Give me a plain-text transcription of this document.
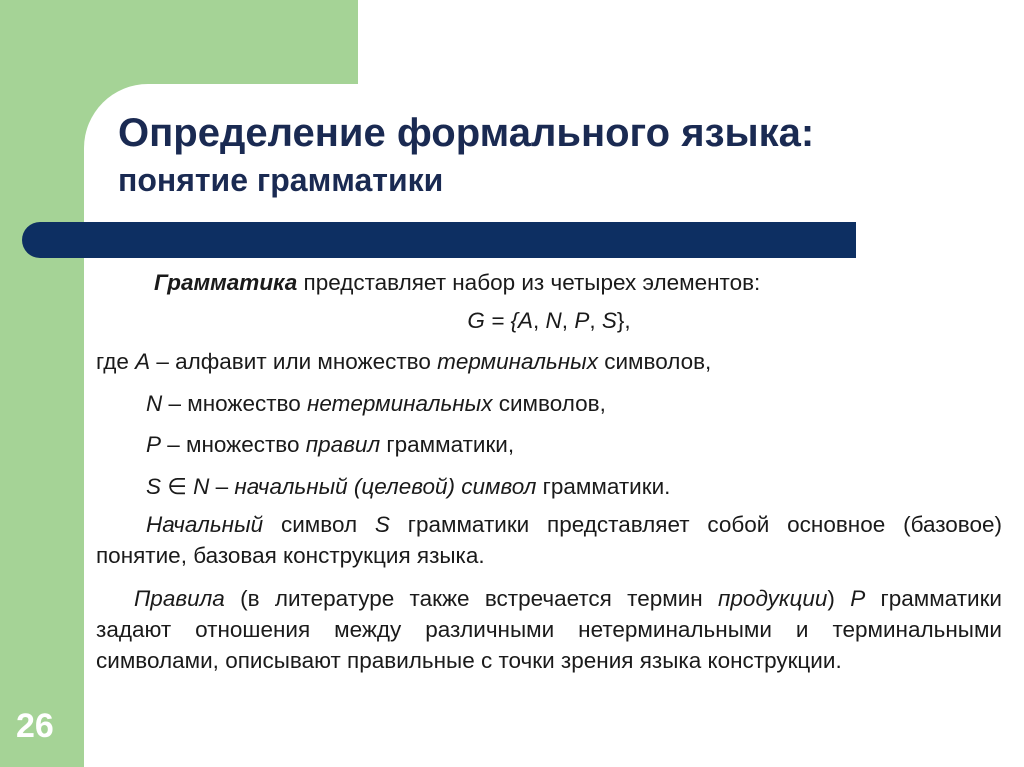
Определение формального языка:
понятие грамматики

Грамматика представляет набор из четырех элементов:

G = {A, N, P, S},

где A – алфавит или множество терминальных символов,

N – множество нетерминальных символов,

P – множество правил грамматики,

S ∈ N – начальный (целевой) символ грамматики.

Начальный символ S грамматики представляет собой основное (базовое) понятие, базовая конструкция языка.

Правила (в литературе также встречается термин продукции) P грамматики задают отношения между различными нетерминальными и терминальными символами, описывают правильные с точки зрения языка конструкции.

26
